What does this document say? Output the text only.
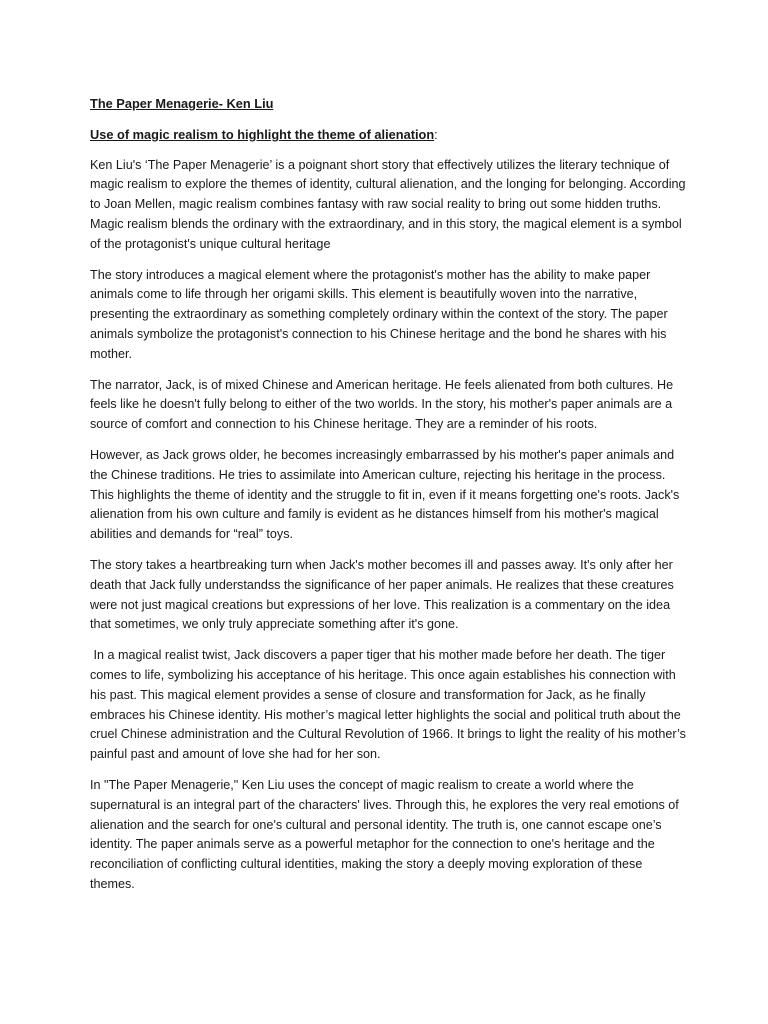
The Paper Menagerie- Ken Liu

Use of magic realism to highlight the theme of alienation:

Ken Liu's ‘The Paper Menagerie’ is a poignant short story that effectively utilizes the literary technique of magic realism to explore the themes of identity, cultural alienation, and the longing for belonging. According to Joan Mellen, magic realism combines fantasy with raw social reality to bring out some hidden truths. Magic realism blends the ordinary with the extraordinary, and in this story, the magical element is a symbol of the protagonist's unique cultural heritage

The story introduces a magical element where the protagonist's mother has the ability to make paper animals come to life through her origami skills. This element is beautifully woven into the narrative, presenting the extraordinary as something completely ordinary within the context of the story. The paper animals symbolize the protagonist's connection to his Chinese heritage and the bond he shares with his mother.

The narrator, Jack, is of mixed Chinese and American heritage. He feels alienated from both cultures. He feels like he doesn't fully belong to either of the two worlds. In the story, his mother's paper animals are a source of comfort and connection to his Chinese heritage. They are a reminder of his roots.

However, as Jack grows older, he becomes increasingly embarrassed by his mother's paper animals and the Chinese traditions. He tries to assimilate into American culture, rejecting his heritage in the process. This highlights the theme of identity and the struggle to fit in, even if it means forgetting one's roots. Jack's alienation from his own culture and family is evident as he distances himself from his mother's magical abilities and demands for “real” toys.

The story takes a heartbreaking turn when Jack's mother becomes ill and passes away. It's only after her death that Jack fully understandss the significance of her paper animals. He realizes that these creatures were not just magical creations but expressions of her love. This realization is a commentary on the idea that sometimes, we only truly appreciate something after it's gone.

In a magical realist twist, Jack discovers a paper tiger that his mother made before her death. The tiger comes to life, symbolizing his acceptance of his heritage. This once again establishes his connection with his past. This magical element provides a sense of closure and transformation for Jack, as he finally embraces his Chinese identity. His mother’s magical letter highlights the social and political truth about the cruel Chinese administration and the Cultural Revolution of 1966. It brings to light the reality of his mother’s painful past and amount of love she had for her son.

In "The Paper Menagerie," Ken Liu uses the concept of magic realism to create a world where the supernatural is an integral part of the characters' lives. Through this, he explores the very real emotions of alienation and the search for one's cultural and personal identity. The truth is, one cannot escape one’s identity. The paper animals serve as a powerful metaphor for the connection to one's heritage and the reconciliation of conflicting cultural identities, making the story a deeply moving exploration of these themes.
